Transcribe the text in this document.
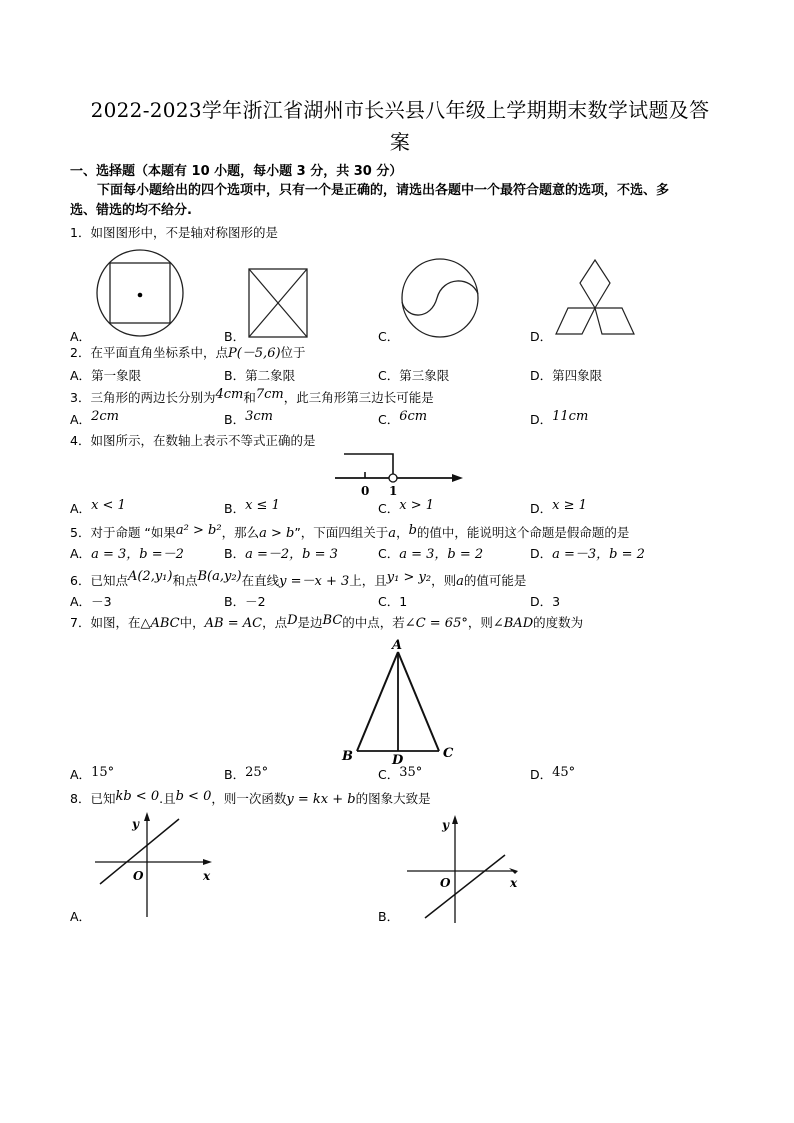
2022-2023学年浙江省湖州市长兴县八年级上学期期末数学试题及答
案
一、选择题（本题有 10 小题，每小题 3 分，共 30 分）
下面每小题给出的四个选项中，只有一个是正确的，请选出各题中一个最符合题意的选项，不选、多
选、错选的均不给分.
1．如图图形中，不是轴对称图形的是
A．	B．	C．	D．
2．在平面直角坐标系中，点P(－5,6)位于
A．第一象限	B．第二象限	C．第三象限	D．第四象限
3．三角形的两边长分别为4cm和7cm，此三角形第三边长可能是
A．2cm	B．3cm	C．6cm	D．11cm
4．如图所示，在数轴上表示不等式正确的是
0 1
A．x < 1	B．x ≤ 1	C．x > 1	D．x ≥ 1
5．对于命题 “如果a² > b²，那么a > b”，下面四组关于a，b的值中，能说明这个命题是假命题的是
A．a = 3，b =－2	B．a =－2，b = 3	C．a = 3，b = 2	D．a =－3，b = 2
6．已知点A(2,y₁)和点B(a,y₂)在直线y =－x + 3上，且y₁ > y₂，则a的值可能是
A．－3	B．－2	C．1	D．3
7．如图，在△ABC中，AB = AC，点D是边BC的中点，若∠C = 65°，则∠BAD的度数为
A
B	D	C
A．15°	B．25°	C．35°	D．45°
8．已知kb < 0.且b < 0，则一次函数y = kx + b的图象大致是
y
x
O
A．
y
x
O
B．
